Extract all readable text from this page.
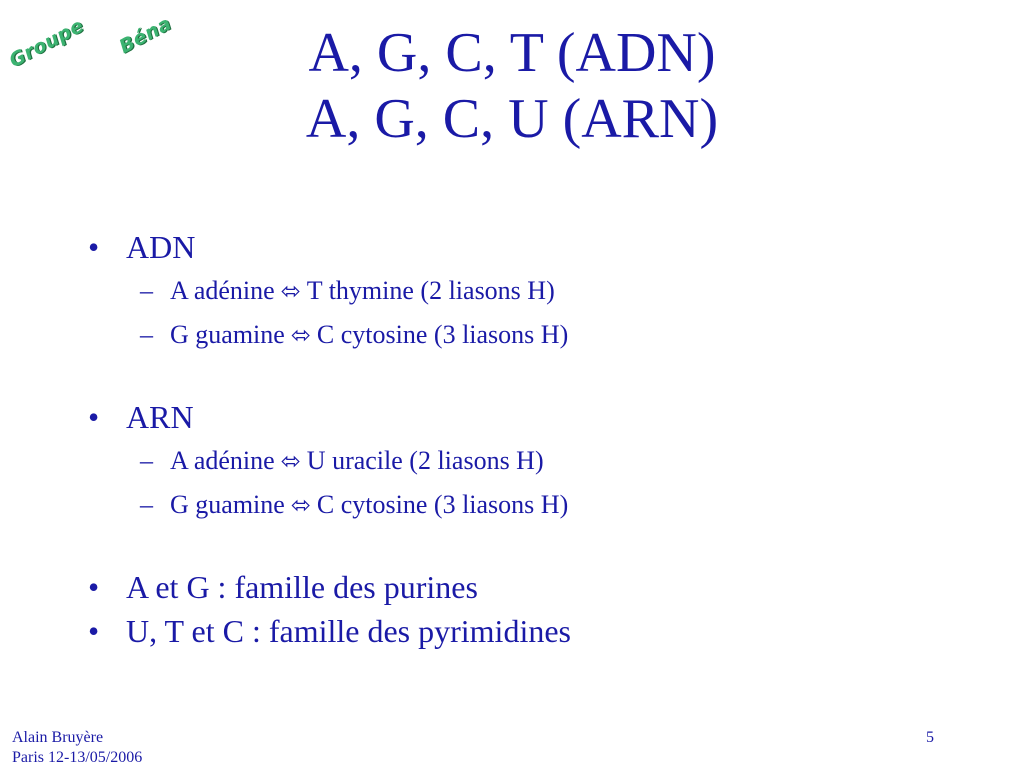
Groupe Béna	A, G, C, T (ADN)
A, G, C, U (ARN)
• ADN
– A adénine ⬄ T thymine (2 liasons H)
– G guamine ⬄ C cytosine (3 liasons H)
• ARN
– A adénine ⬄ U uracile (2 liasons H)
– G guamine ⬄ C cytosine (3 liasons H)
• A et G : famille des purines
• U, T et C : famille des pyrimidines
Alain Bruyère
Paris 12-13/05/2006
5
